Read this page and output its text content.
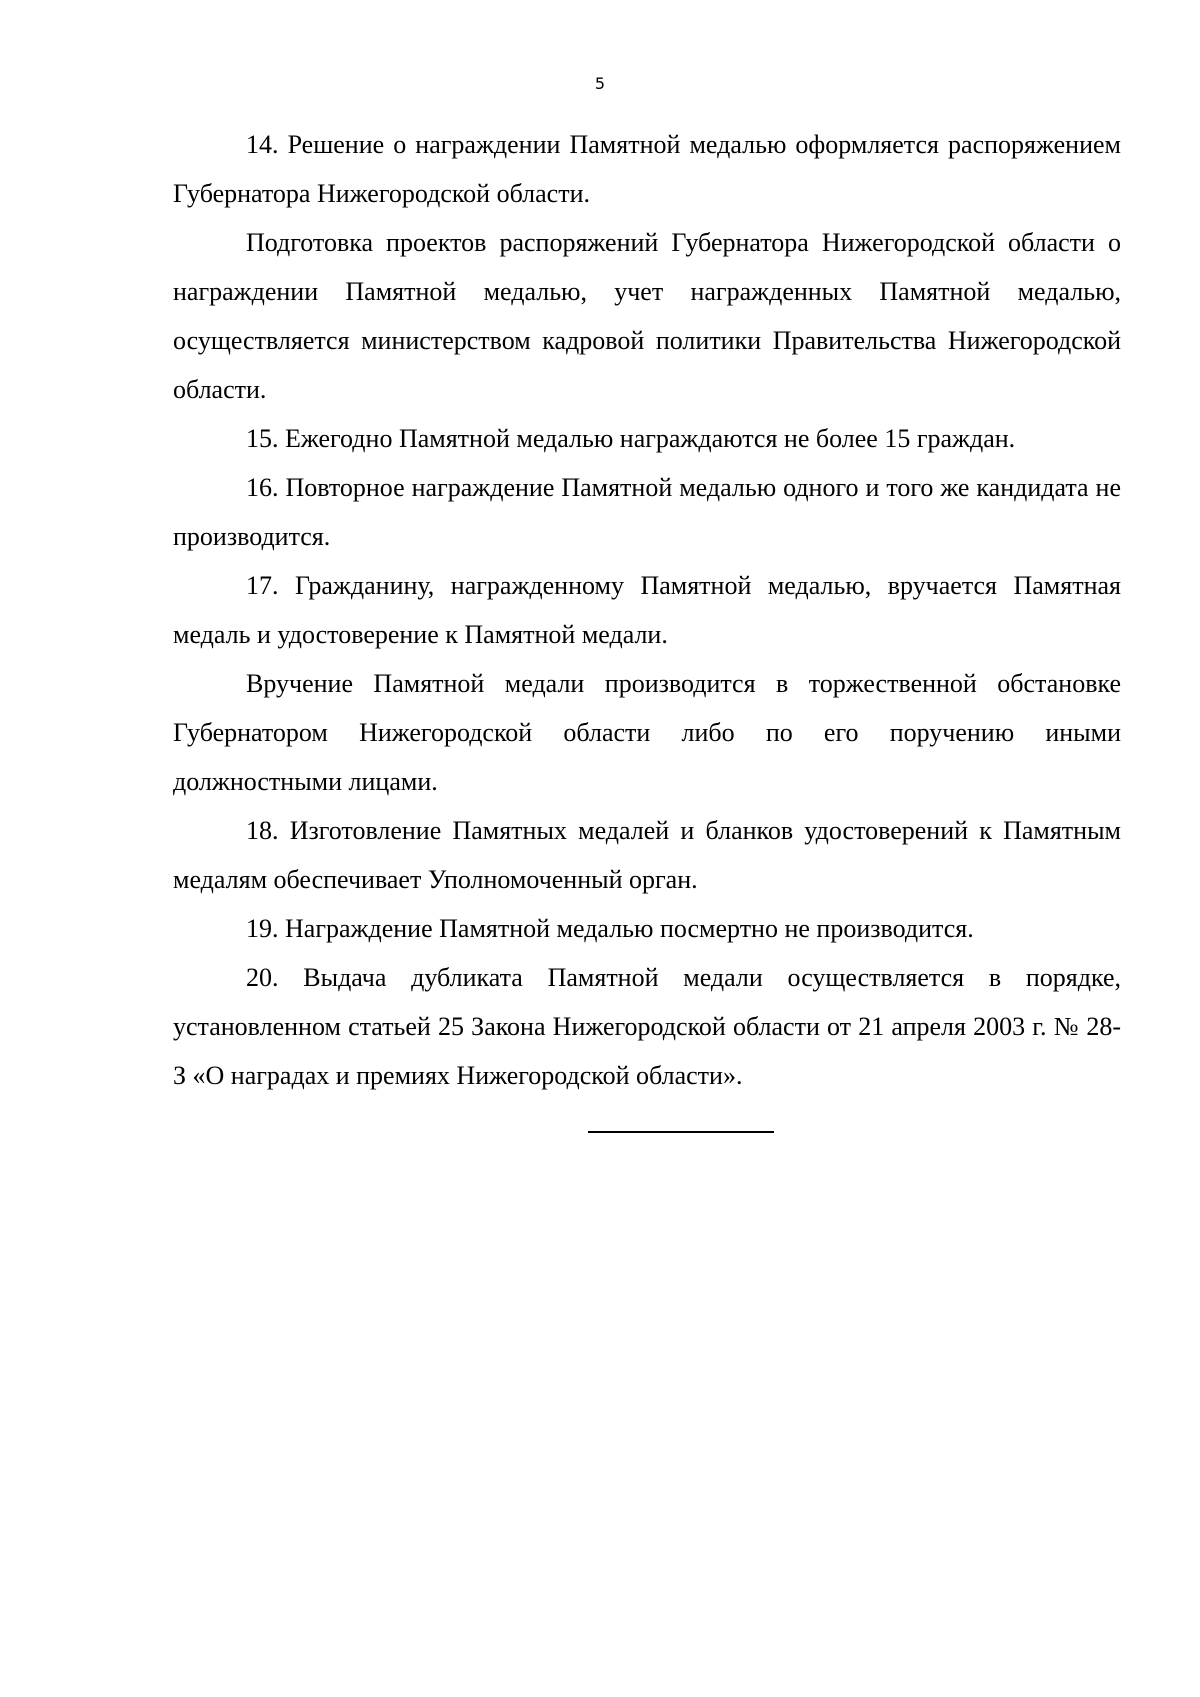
5

14. Решение о награждении Памятной медалью оформляется распоряжением Губернатора Нижегородской области.

Подготовка проектов распоряжений Губернатора Нижегородской области о награждении Памятной медалью, учет награжденных Памятной медалью, осуществляется министерством кадровой политики Правительства Нижегородской области.

15. Ежегодно Памятной медалью награждаются не более 15 граждан.

16. Повторное награждение Памятной медалью одного и того же кандидата не производится.

17. Гражданину, награжденному Памятной медалью, вручается Памятная медаль и удостоверение к Памятной медали.

Вручение Памятной медали производится в торжественной обстановке Губернатором Нижегородской области либо по его поручению иными должностными лицами.

18. Изготовление Памятных медалей и бланков удостоверений к Памятным медалям обеспечивает Уполномоченный орган.

19. Награждение Памятной медалью посмертно не производится.

20. Выдача дубликата Памятной медали осуществляется в порядке, установленном статьей 25 Закона Нижегородской области от 21 апреля 2003 г. № 28-З «О наградах и премиях Нижегородской области».
